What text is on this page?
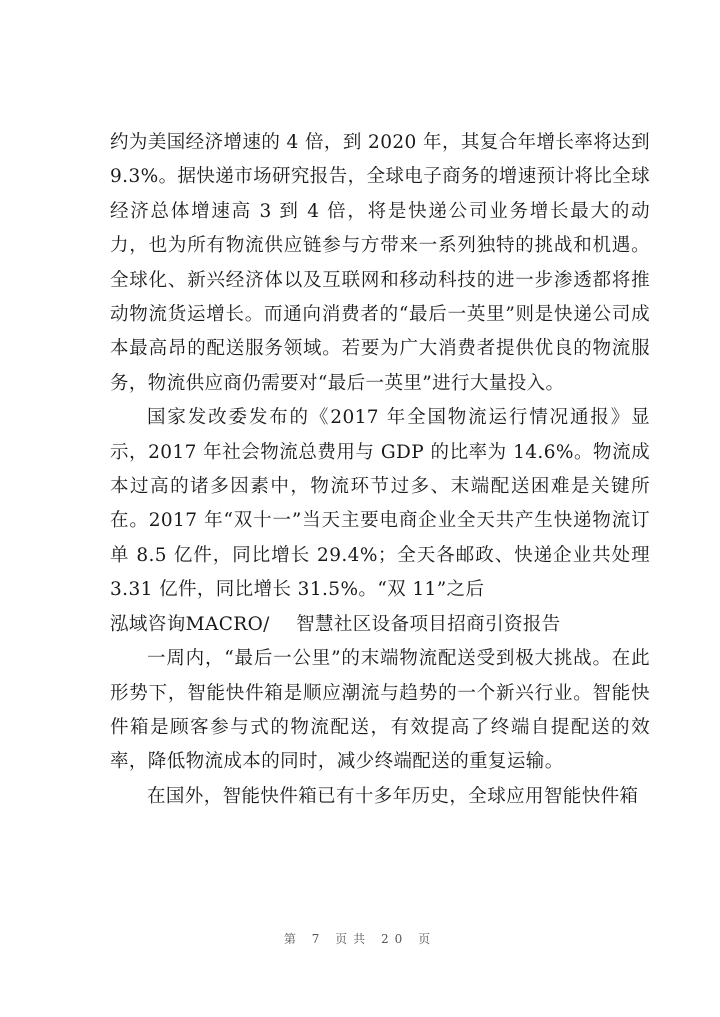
约为美国经济增速的 4 倍，到 2020 年，其复合年增长率将达到 9.3%。据快递市场研究报告，全球电子商务的增速预计将比全球经济总体增速高 3 到 4 倍，将是快递公司业务增长最大的动力，也为所有物流供应链参与方带来一系列独特的挑战和机遇。全球化、新兴经济体以及互联网和移动科技的进一步渗透都将推动物流货运增长。而通向消费者的“最后一英里”则是快递公司成本最高昂的配送服务领域。若要为广大消费者提供优良的物流服务，物流供应商仍需要对“最后一英里”进行大量投入。

国家发改委发布的《2017 年全国物流运行情况通报》显示，2017 年社会物流总费用与 GDP 的比率为 14.6%。物流成本过高的诸多因素中，物流环节过多、末端配送困难是关键所在。2017 年“双十一”当天主要电商企业全天共产生快递物流订单 8.5 亿件，同比增长 29.4%；全天各邮政、快递企业共处理 3.31 亿件，同比增长 31.5%。“双 11”之后

泓域咨询MACRO/ 智慧社区设备项目招商引资报告

一周内，“最后一公里”的末端物流配送受到极大挑战。在此形势下，智能快件箱是顺应潮流与趋势的一个新兴行业。智能快件箱是顾客参与式的物流配送，有效提高了终端自提配送的效率，降低物流成本的同时，减少终端配送的重复运输。

在国外，智能快件箱已有十多年历史，全球应用智能快件箱

第 7 页共 20 页
